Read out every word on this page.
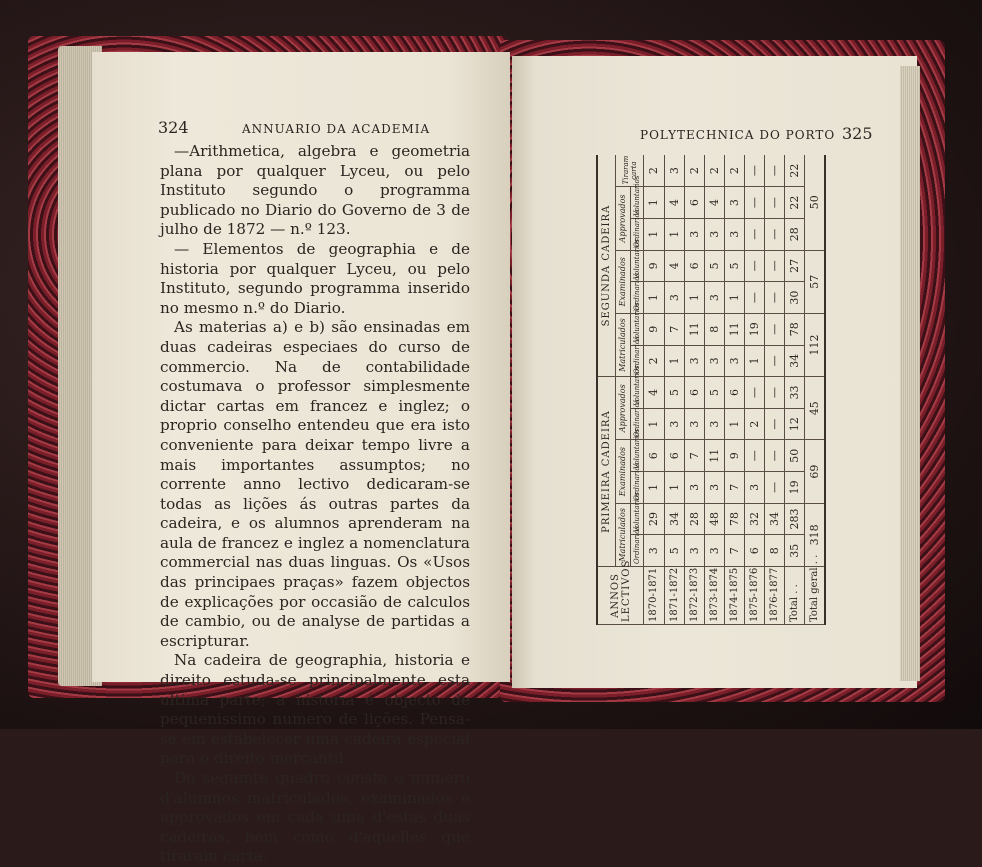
324	ANNUARIO DA ACADEMIA

—Arithmetica, algebra e geometria plana por qualquer Lyceu, ou pelo Instituto segundo o programma publicado no Diario do Governo de 3 de julho de 1872 — n.º 123.

— Elementos de geographia e de historia por qualquer Lyceu, ou pelo Instituto, segundo programma inserido no mesmo n.º do Diario.

As materias a) e b) são ensinadas em duas cadeiras especiaes do curso de commercio. Na de contabilidade costumava o professor simplesmente dictar cartas em francez e inglez; o proprio conselho entendeu que era isto conveniente para deixar tempo livre a mais importantes assumptos; no corrente anno lectivo dedicaram-se todas as lições ás outras partes da cadeira, e os alumnos aprenderam na aula de francez e inglez a nomenclatura commercial nas duas linguas. Os «Usos das principaes praças» fazem objectos de explicações por occasião de calculos de cambio, ou de analyse de partidas a escripturar.

Na cadeira de geographia, historia e direito estuda-se principalmente esta ultima parte; a historia é objecto de pequenissimo numero de lições. Pensa-se em estabelecer uma cadeira especial para o direito mercantil.

Do seguinte quadro consta o numero d'alumnos matriculados, examinados e approvados em cada uma d'estas duas cadeiras, bem como d'aquelles que tiraram carta:

POLYTECHNICA DO PORTO 325
ANNOS LECTIVOS	PRIMEIRA CADEIRA						SEGUNDA CADEIRA						
	Matriculados		Examinados		Approvados		Matriculados		Examinados		Approvados		Tiraram carta
	Ordinarios	Voluntarios	Ordinarios	Voluntarios	Ordinarios	Voluntarios	Ordinarios	Voluntarios	Ordinarios	Voluntarios	Ordinarios	Voluntarios	
1870-1871	3	29	1	6	1	4	2	9	1	9	1	1	2
1871-1872	5	34	1	6	3	5	1	7	3	4	1	4	3
1872-1873	3	28	3	7	3	6	3	11	1	6	3	6	2
1873-1874	3	48	3	11	3	5	3	8	3	5	3	4	2
1874-1875	7	78	7	9	1	6	3	11	1	5	3	3	2
1875-1876	6	32	3	—	2	—	1	19	—	—	—	—	—
1876-1877	8	34	—	—	—	—	—	—	—	—	—	—	—
Total . .	35	283	19	50	12	33	34	78	30	27	28	22	22
Total geral . .	318		69		45		112		57		50		
